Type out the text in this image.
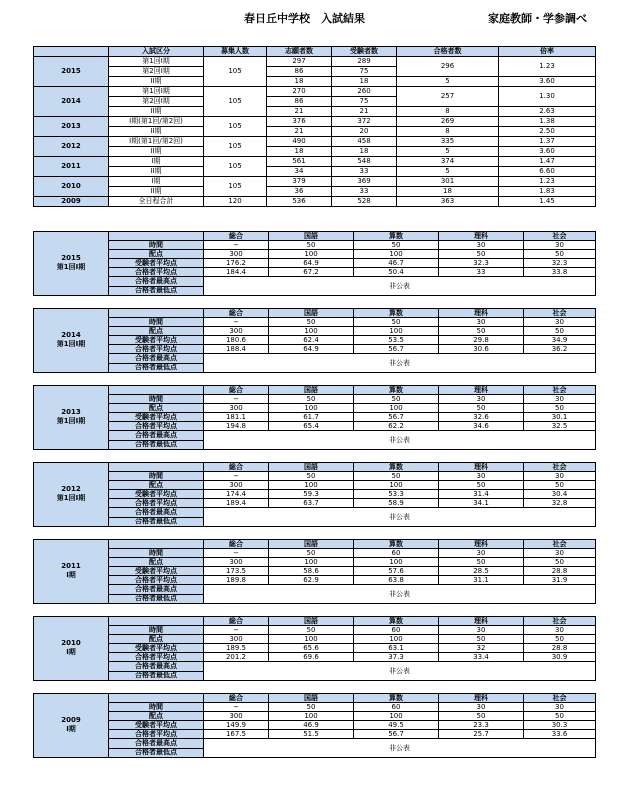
春日丘中学校　入試結果	家庭教師・学参調べ
	入試区分	募集人数	志願者数	受験者数	合格者数	倍率
2015	第1回I期	105	297	289	296	1.23
	第2回I期		86	75		
	II期		18	18	5	3.60
2014	第1回I期	105	270	260	257	1.30
	第2回I期		86	75		
	II期		21	21	8	2.63
2013	I期(第1回/第2回)	105	376	372	269	1.38
	II期		21	20	8	2.50
2012	I期(第1回/第2回)	105	490	458	335	1.37
	II期		18	18	5	3.60
2011	I期	105	561	548	374	1.47
	II期		34	33	5	6.60
2010	I期	105	379	369	301	1.23
	II期		36	33	18	1.83
2009	全日程合計	120	536	528	363	1.45
2015
第1回I期		総合	国語	算数	理科	社会
	時間	−	50	50	30	30
	配点	300	100	100	50	50
	受験者平均点	176.2	64.9	46.7	32.3	32.3
	合格者平均点	184.4	67.2	50.4	33	33.8
	合格者最高点	非公表				
	合格者最低点					
2014
第1回I期		総合	国語	算数	理科	社会
	時間	−	50	50	30	30
	配点	300	100	100	50	50
	受験者平均点	180.6	62.4	53.5	29.8	34.9
	合格者平均点	188.4	64.9	56.7	30.6	36.2
	合格者最高点	非公表				
	合格者最低点					
2013
第1回I期		総合	国語	算数	理科	社会
	時間	−	50	50	30	30
	配点	300	100	100	50	50
	受験者平均点	181.1	61.7	56.7	32.6	30.1
	合格者平均点	194.8	65.4	62.2	34.6	32.5
	合格者最高点	非公表				
	合格者最低点					
2012
第1回I期		総合	国語	算数	理科	社会
	時間	−	50	50	30	30
	配点	300	100	100	50	50
	受験者平均点	174.4	59.3	53.3	31.4	30.4
	合格者平均点	189.4	63.7	58.9	34.1	32.8
	合格者最高点	非公表				
	合格者最低点					
2011
I期		総合	国語	算数	理科	社会
	時間	−	50	60	30	30
	配点	300	100	100	50	50
	受験者平均点	173.5	58.6	57.6	28.5	28.8
	合格者平均点	189.8	62.9	63.8	31.1	31.9
	合格者最高点	非公表				
	合格者最低点					
2010
I期		総合	国語	算数	理科	社会
	時間	−	50	60	30	30
	配点	300	100	100	50	50
	受験者平均点	189.5	65.6	63.1	32	28.8
	合格者平均点	201.2	69.6	37.3	33.4	30.9
	合格者最高点	非公表				
	合格者最低点					
2009
I期		総合	国語	算数	理科	社会
	時間	−	50	60	30	30
	配点	300	100	100	50	50
	受験者平均点	149.9	46.9	49.5	23.3	30.3
	合格者平均点	167.5	51.5	56.7	25.7	33.6
	合格者最高点	非公表				
	合格者最低点					
